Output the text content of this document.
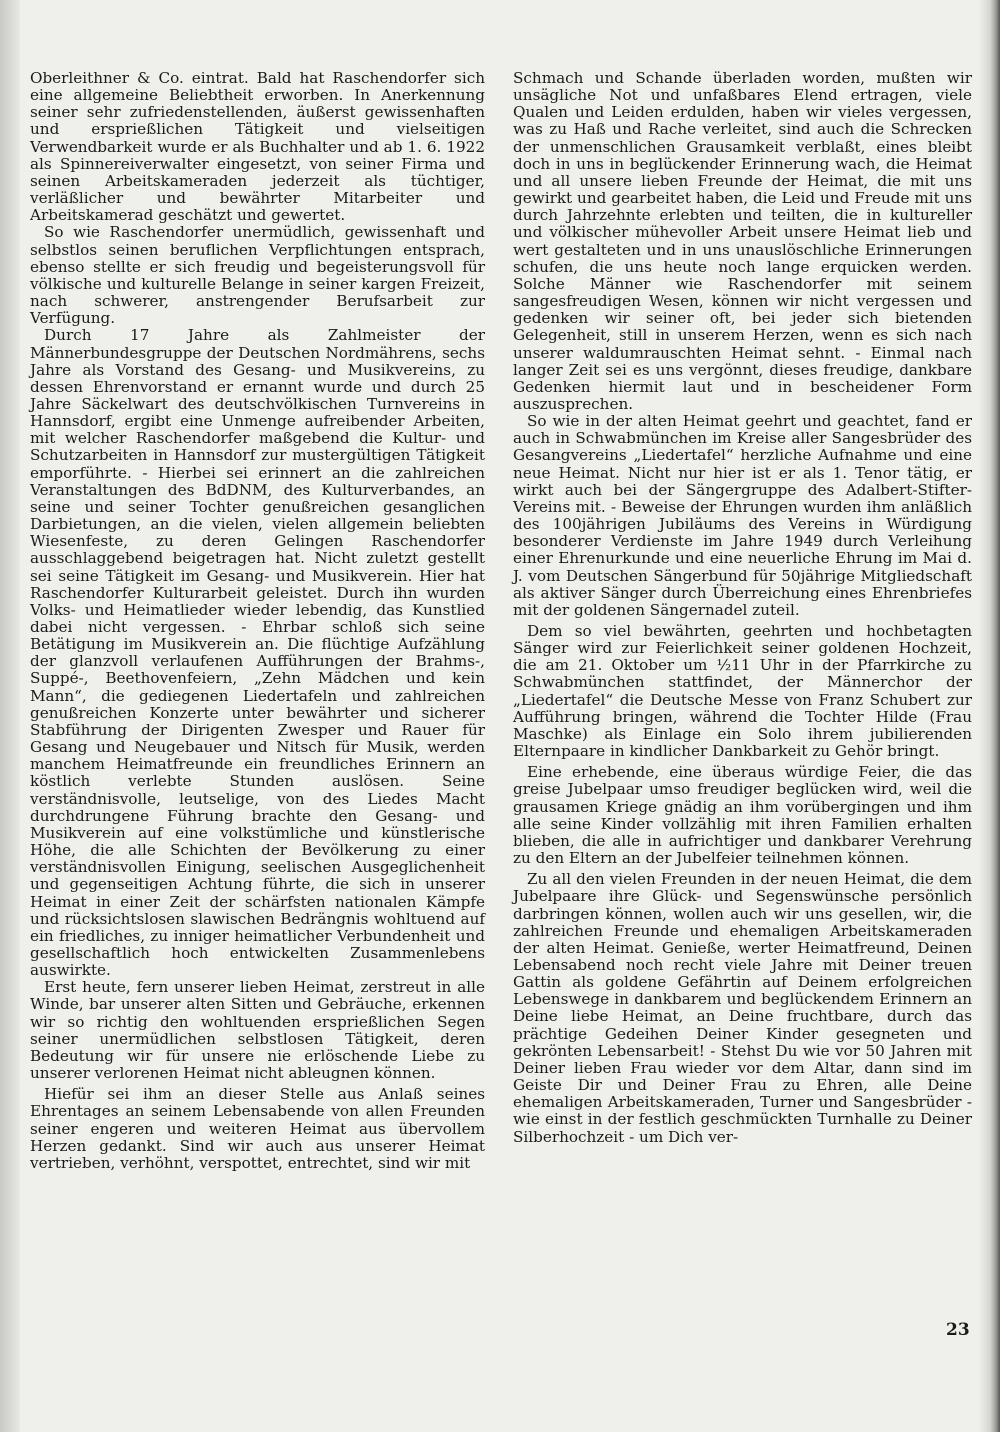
Oberleithner & Co. eintrat. Bald hat Raschendorfer sich eine allgemeine Beliebtheit erworben. In Anerkennung seiner sehr zufriedenstellenden, äußerst gewissenhaften und ersprießlichen Tätigkeit und vielseitigen Verwendbarkeit wurde er als Buchhalter und ab 1. 6. 1922 als Spinnereiverwalter eingesetzt, von seiner Firma und seinen Arbeitskameraden jederzeit als tüchtiger, verläßlicher und bewährter Mitarbeiter und Arbeitskamerad geschätzt und gewertet.

So wie Raschendorfer unermüdlich, gewissenhaft und selbstlos seinen beruflichen Verpflichtungen entsprach, ebenso stellte er sich freudig und begeisterungsvoll für völkische und kulturelle Belange in seiner kargen Freizeit, nach schwerer, anstrengender Berufsarbeit zur Verfügung.

Durch 17 Jahre als Zahlmeister der Männerbundesgruppe der Deutschen Nordmährens, sechs Jahre als Vorstand des Gesang- und Musikvereins, zu dessen Ehrenvorstand er ernannt wurde und durch 25 Jahre Säckelwart des deutschvölkischen Turnvereins in Hannsdorf, ergibt eine Unmenge aufreibender Arbeiten, mit welcher Raschendorfer maßgebend die Kultur- und Schutzarbeiten in Hannsdorf zur mustergültigen Tätigkeit emporführte. - Hierbei sei erinnert an die zahlreichen Veranstaltungen des BdDNM, des Kulturverbandes, an seine und seiner Tochter genußreichen gesanglichen Darbietungen, an die vielen, vielen allgemein beliebten Wiesenfeste, zu deren Gelingen Raschendorfer ausschlaggebend beigetragen hat. Nicht zuletzt gestellt sei seine Tätigkeit im Gesang- und Musikverein. Hier hat Raschendorfer Kulturarbeit geleistet. Durch ihn wurden Volks- und Heimatlieder wieder lebendig, das Kunstlied dabei nicht vergessen. - Ehrbar schloß sich seine Betätigung im Musikverein an. Die flüchtige Aufzählung der glanzvoll verlaufenen Aufführungen der Brahms-, Suppé-, Beethovenfeiern, „Zehn Mädchen und kein Mann“, die gediegenen Liedertafeln und zahlreichen genußreichen Konzerte unter bewährter und sicherer Stabführung der Dirigenten Zwesper und Rauer für Gesang und Neugebauer und Nitsch für Musik, werden manchem Heimatfreunde ein freundliches Erinnern an köstlich verlebte Stunden auslösen. Seine verständnisvolle, leutselige, von des Liedes Macht durchdrungene Führung brachte den Gesang- und Musikverein auf eine volkstümliche und künstlerische Höhe, die alle Schichten der Bevölkerung zu einer verständnisvollen Einigung, seelischen Ausgeglichenheit und gegenseitigen Achtung führte, die sich in unserer Heimat in einer Zeit der schärfsten nationalen Kämpfe und rücksichtslosen slawischen Bedrängnis wohltuend auf ein friedliches, zu inniger heimatlicher Verbundenheit und gesellschaftlich hoch entwickelten Zusammenlebens auswirkte.

Erst heute, fern unserer lieben Heimat, zerstreut in alle Winde, bar unserer alten Sitten und Gebräuche, erkennen wir so richtig den wohltuenden ersprießlichen Segen seiner unermüdlichen selbstlosen Tätigkeit, deren Bedeutung wir für unsere nie erlöschende Liebe zu unserer verlorenen Heimat nicht ableugnen können.

Hiefür sei ihm an dieser Stelle aus Anlaß seines Ehrentages an seinem Lebensabende von allen Freunden seiner engeren und weiteren Heimat aus übervollem Herzen gedankt. Sind wir auch aus unserer Heimat vertrieben, verhöhnt, verspottet, entrechtet, sind wir mit

Schmach und Schande überladen worden, mußten wir unsägliche Not und unfaßbares Elend ertragen, viele Qualen und Leiden erdulden, haben wir vieles vergessen, was zu Haß und Rache verleitet, sind auch die Schrecken der unmenschlichen Grausamkeit verblaßt, eines bleibt doch in uns in beglückender Erinnerung wach, die Heimat und all unsere lieben Freunde der Heimat, die mit uns gewirkt und gearbeitet haben, die Leid und Freude mit uns durch Jahrzehnte erlebten und teilten, die in kultureller und völkischer mühevoller Arbeit unsere Heimat lieb und wert gestalteten und in uns unauslöschliche Erinnerungen schufen, die uns heute noch lange erquicken werden. Solche Männer wie Raschendorfer mit seinem sangesfreudigen Wesen, können wir nicht vergessen und gedenken wir seiner oft, bei jeder sich bietenden Gelegenheit, still in unserem Herzen, wenn es sich nach unserer waldumrauschten Heimat sehnt. - Einmal nach langer Zeit sei es uns vergönnt, dieses freudige, dankbare Gedenken hiermit laut und in bescheidener Form auszusprechen.

So wie in der alten Heimat geehrt und geachtet, fand er auch in Schwabmünchen im Kreise aller Sangesbrüder des Gesangvereins „Liedertafel“ herzliche Aufnahme und eine neue Heimat. Nicht nur hier ist er als 1. Tenor tätig, er wirkt auch bei der Sängergruppe des Adalbert-Stifter-Vereins mit. - Beweise der Ehrungen wurden ihm anläßlich des 100jährigen Jubiläums des Vereins in Würdigung besonderer Verdienste im Jahre 1949 durch Verleihung einer Ehrenurkunde und eine neuerliche Ehrung im Mai d. J. vom Deutschen Sängerbund für 50jährige Mitgliedschaft als aktiver Sänger durch Überreichung eines Ehrenbriefes mit der goldenen Sängernadel zuteil.

Dem so viel bewährten, geehrten und hochbetagten Sänger wird zur Feierlichkeit seiner goldenen Hochzeit, die am 21. Oktober um ½11 Uhr in der Pfarrkirche zu Schwabmünchen stattfindet, der Männerchor der „Liedertafel“ die Deutsche Messe von Franz Schubert zur Aufführung bringen, während die Tochter Hilde (Frau Maschke) als Einlage ein Solo ihrem jubilierenden Elternpaare in kindlicher Dankbarkeit zu Gehör bringt.

Eine erhebende, eine überaus würdige Feier, die das greise Jubelpaar umso freudiger beglücken wird, weil die grausamen Kriege gnädig an ihm vorübergingen und ihm alle seine Kinder vollzählig mit ihren Familien erhalten blieben, die alle in aufrichtiger und dankbarer Verehrung zu den Eltern an der Jubelfeier teilnehmen können.

Zu all den vielen Freunden in der neuen Heimat, die dem Jubelpaare ihre Glück- und Segenswünsche persönlich darbringen können, wollen auch wir uns gesellen, wir, die zahlreichen Freunde und ehemaligen Arbeitskameraden der alten Heimat. Genieße, werter Heimatfreund, Deinen Lebensabend noch recht viele Jahre mit Deiner treuen Gattin als goldene Gefährtin auf Deinem erfolgreichen Lebenswege in dankbarem und beglückendem Erinnern an Deine liebe Heimat, an Deine fruchtbare, durch das prächtige Gedeihen Deiner Kinder gesegneten und gekrönten Lebensarbeit! - Stehst Du wie vor 50 Jahren mit Deiner lieben Frau wieder vor dem Altar, dann sind im Geiste Dir und Deiner Frau zu Ehren, alle Deine ehemaligen Arbeitskameraden, Turner und Sangesbrüder - wie einst in der festlich geschmückten Turnhalle zu Deiner Silberhochzeit - um Dich ver-

23
